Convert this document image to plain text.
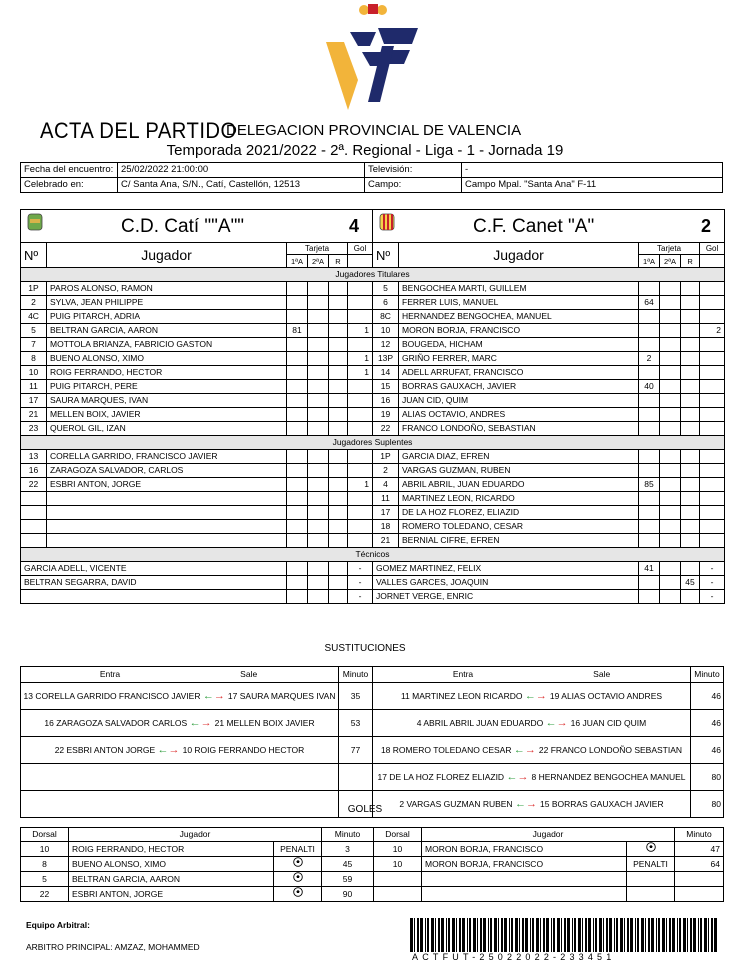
ACTA DEL PARTIDO
DELEGACION PROVINCIAL DE VALENCIA
Temporada 2021/2022 - 2ª. Regional - Liga - 1 - Jornada 19
Fecha del encuentro:	25/02/2022 21:00:00	Televisión:	-
Celebrado en:	C/ Santa Ana, S/N., Catí, Castellón, 12513	Campo:	Campo Mpal. "Santa Ana" F-11
C.D. Catí ""A""	4	C.F. Canet "A"	2
Nº	Jugador	Tarjeta			Gol	Nº	Jugador	Tarjeta			Gol
		1ªA	2ªA	R				1ªA	2ªA	R	
Jugadores Titulares											
1P	PAROS ALONSO, RAMON					5	BENGOCHEA MARTI, GUILLEM				
2	SYLVA, JEAN PHILIPPE					6	FERRER LUIS, MANUEL	64			
4C	PUIG PITARCH, ADRIA					8C	HERNANDEZ BENGOCHEA, MANUEL				
5	BELTRAN GARCIA, AARON	81			1	10	MORON BORJA, FRANCISCO				2
7	MOTTOLA BRIANZA, FABRICIO GASTON					12	BOUGEDA, HICHAM				
8	BUENO ALONSO, XIMO				1	13P	GRIÑO FERRER, MARC	2			
10	ROIG FERRANDO, HECTOR				1	14	ADELL ARRUFAT, FRANCISCO				
11	PUIG PITARCH, PERE					15	BORRAS GAUXACH, JAVIER	40			
17	SAURA MARQUES, IVAN					16	JUAN CID, QUIM				
21	MELLEN BOIX, JAVIER					19	ALIAS OCTAVIO, ANDRES				
23	QUEROL GIL, IZAN					22	FRANCO LONDOÑO, SEBASTIAN				
Jugadores Suplentes											
13	CORELLA GARRIDO, FRANCISCO JAVIER					1P	GARCIA DIAZ, EFREN				
16	ZARAGOZA SALVADOR, CARLOS					2	VARGAS GUZMAN, RUBEN				
22	ESBRI ANTON, JORGE				1	4	ABRIL ABRIL, JUAN EDUARDO	85			
						11	MARTINEZ LEON, RICARDO				
						17	DE LA HOZ FLOREZ, ELIAZID				
						18	ROMERO TOLEDANO, CESAR				
						21	BERNIAL CIFRE, EFREN				
Técnicos											
GARCIA ADELL, VICENTE					-	GOMEZ MARTINEZ, FELIX		41			-
BELTRAN SEGARRA, DAVID					-	VALLES GARCES, JOAQUIN				45	-
					-	JORNET VERGE, ENRIC					-
SUSTITUCIONES
Entra Sale	Minuto	Entra Sale	Minuto
13 CORELLA GARRIDO FRANCISCO JAVIER ←→ 17 SAURA MARQUES IVAN	35	11 MARTINEZ LEON RICARDO ←→ 19 ALIAS OCTAVIO ANDRES	46
16 ZARAGOZA SALVADOR CARLOS ←→ 21 MELLEN BOIX JAVIER	53	4 ABRIL ABRIL JUAN EDUARDO ←→ 16 JUAN CID QUIM	46
22 ESBRI ANTON JORGE ←→ 10 ROIG FERRANDO HECTOR	77	18 ROMERO TOLEDANO CESAR ←→ 22 FRANCO LONDOÑO SEBASTIAN	46
		17 DE LA HOZ FLOREZ ELIAZID ←→ 8 HERNANDEZ BENGOCHEA MANUEL	80
		2 VARGAS GUZMAN RUBEN ←→ 15 BORRAS GAUXACH JAVIER	80
GOLES
Dorsal	Jugador		Minuto	Dorsal	Jugador		Minuto
10	ROIG FERRANDO, HECTOR	PENALTI	3	10	MORON BORJA, FRANCISCO		47
8	BUENO ALONSO, XIMO		45	10	MORON BORJA, FRANCISCO	PENALTI	64
5	BELTRAN GARCIA, AARON		59				
22	ESBRI ANTON, JORGE		90				
Equipo Arbitral:
ARBITRO PRINCIPAL: AMZAZ, MOHAMMED
ACTFUT-25022022-233451
